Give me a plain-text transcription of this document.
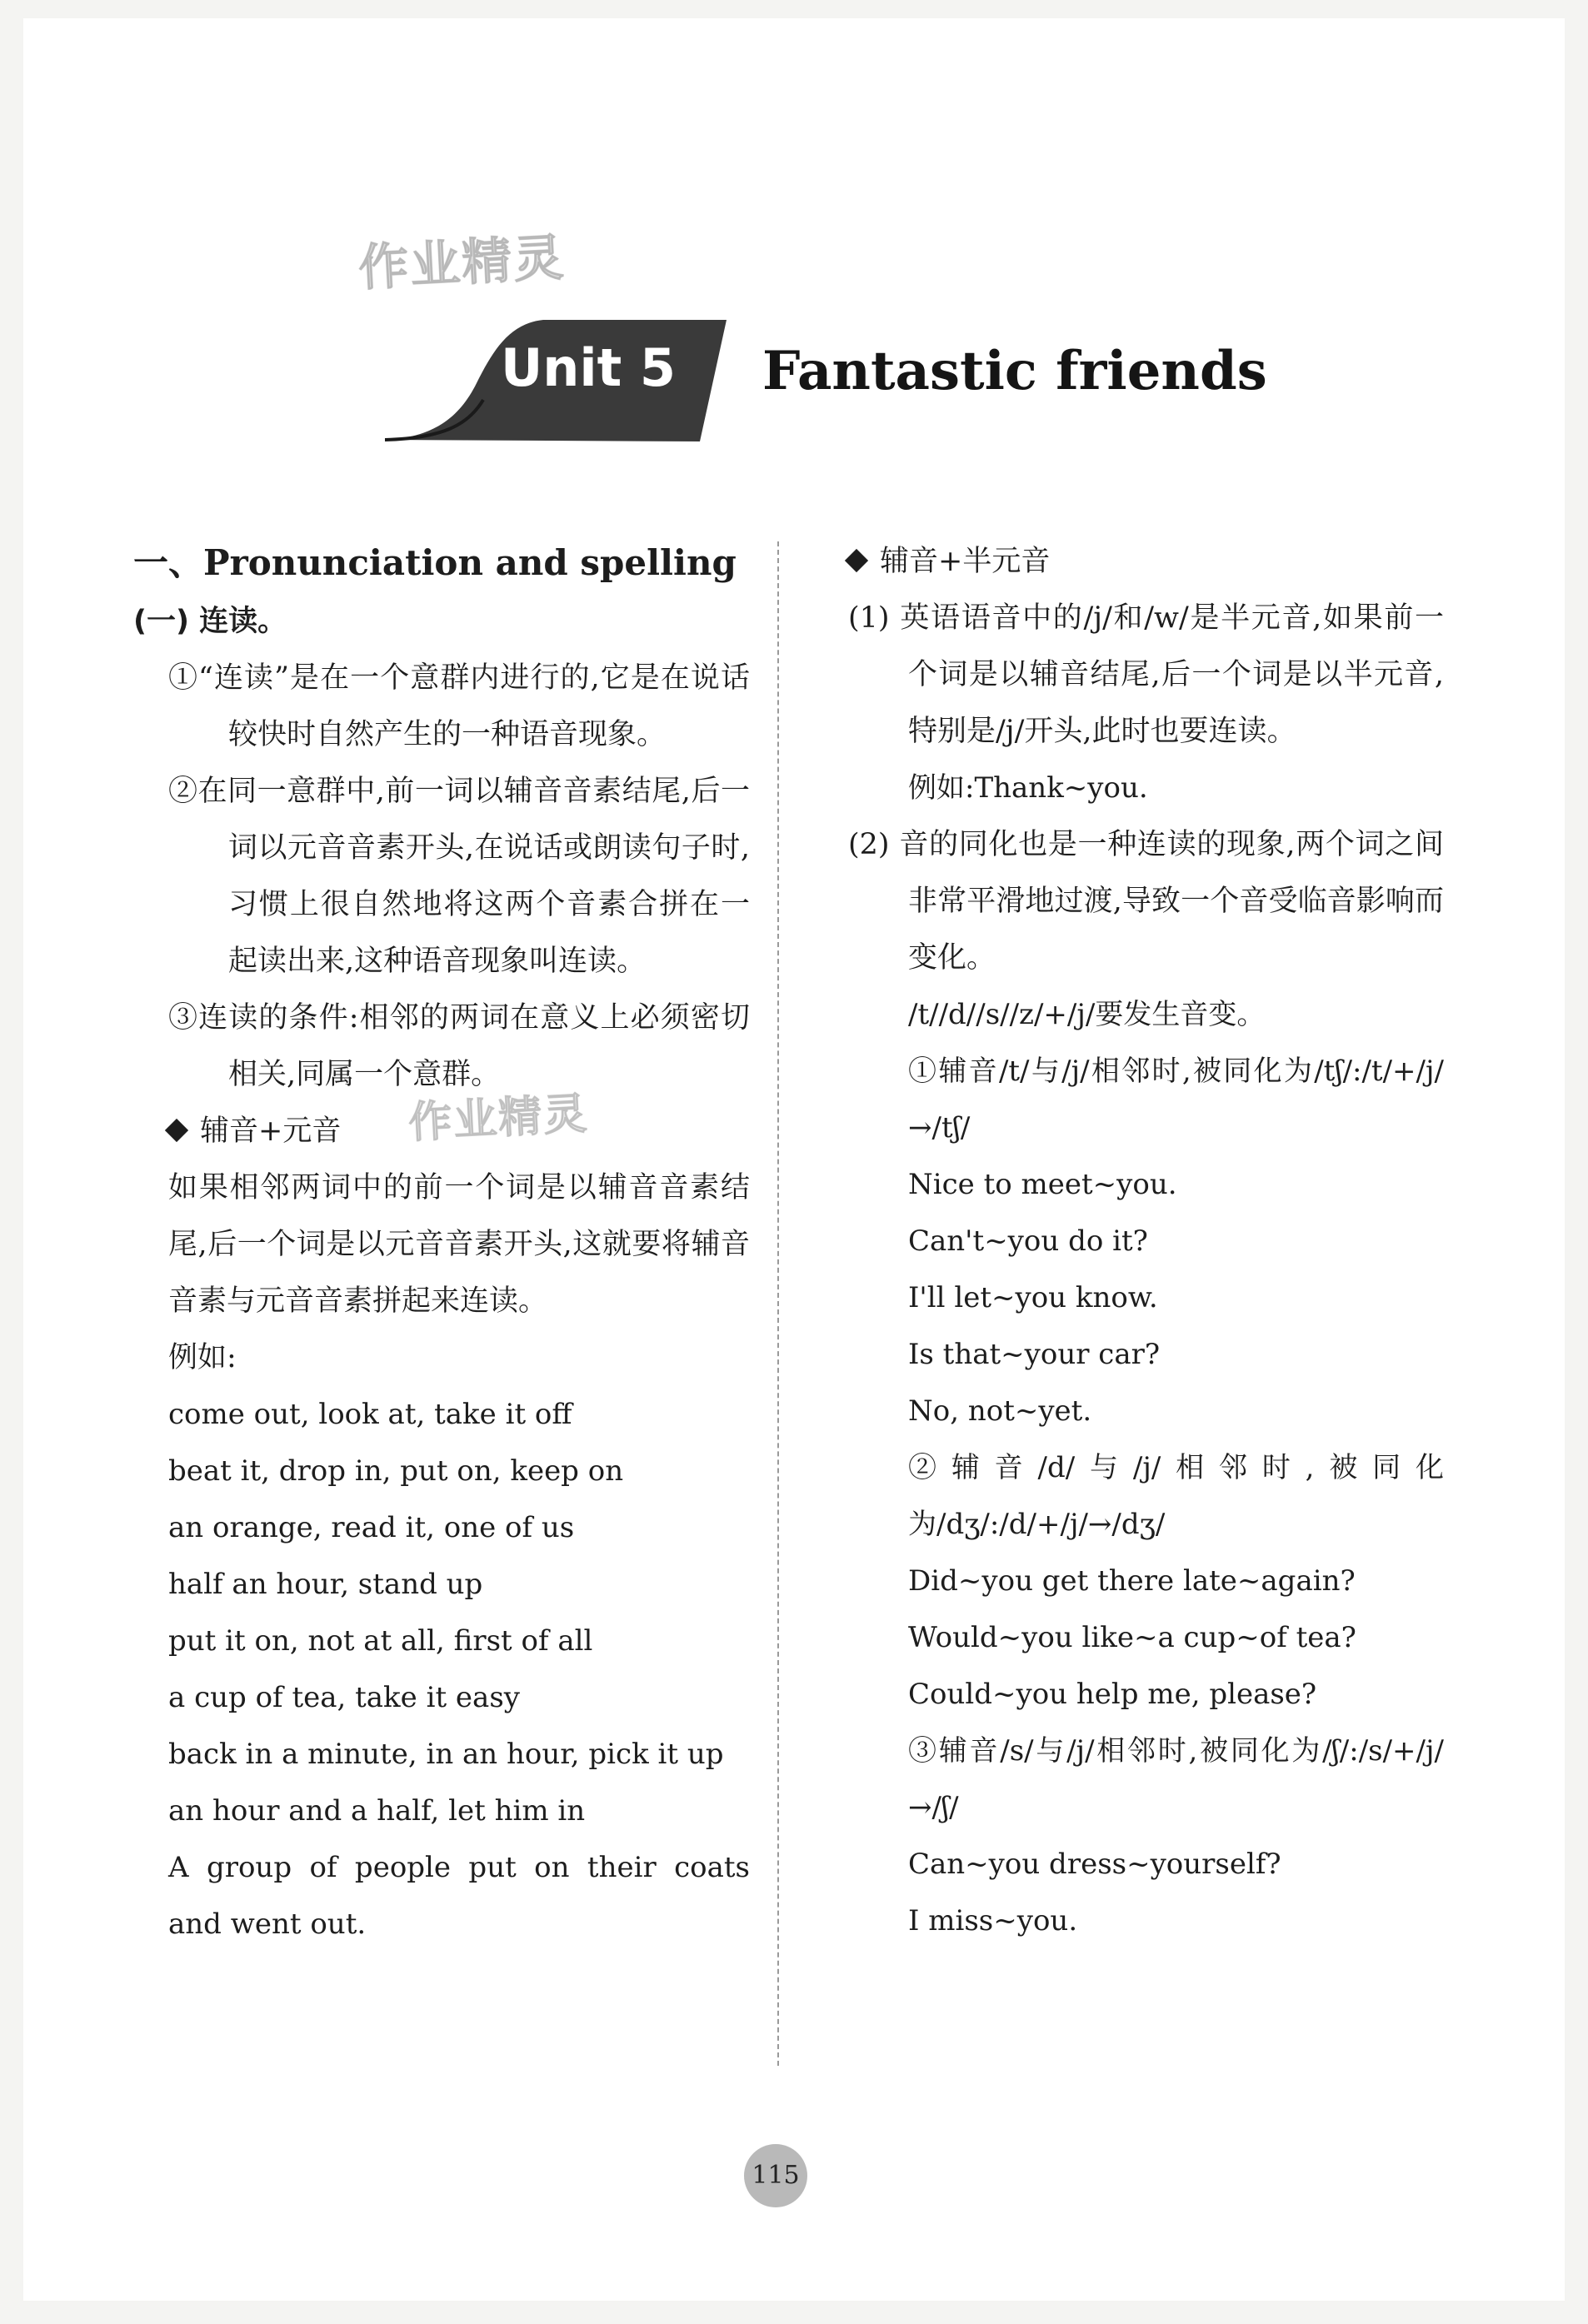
作业精灵
作业精灵
Unit 5 Fantastic friends
一、Pronunciation and spelling
(一) 连读。
①“连读”是在一个意群内进行的,它是在说话较快时自然产生的一种语音现象。
②在同一意群中,前一词以辅音音素结尾,后一词以元音音素开头,在说话或朗读句子时,习惯上很自然地将这两个音素合拼在一起读出来,这种语音现象叫连读。
③连读的条件:相邻的两词在意义上必须密切相关,同属一个意群。
辅音+元音
如果相邻两词中的前一个词是以辅音音素结尾,后一个词是以元音音素开头,这就要将辅音音素与元音音素拼起来连读。
例如:
come out, look at, take it off
beat it, drop in, put on, keep on
an orange, read it, one of us
half an hour, stand up
put it on, not at all, first of all
a cup of tea, take it easy
back in a minute, in an hour, pick it up
an hour and a half, let him in
A group of people put on their coats and went out.
辅音+半元音
(1) 英语语音中的/j/和/w/是半元音,如果前一个词是以辅音结尾,后一个词是以半元音,特别是/j/开头,此时也要连读。
例如:Thank~you.
(2) 音的同化也是一种连读的现象,两个词之间非常平滑地过渡,导致一个音受临音影响而变化。
/t//d//s//z/+/j/要发生音变。
①辅音/t/与/j/相邻时,被同化为/tʃ/:/t/+/j/→/tʃ/
Nice to meet~you.
Can't~you do it?
I'll let~you know.
Is that~your car?
No, not~yet.
②辅音/d/与/j/相邻时,被同化为/dʒ/:/d/+/j/→/dʒ/
Did~you get there late~again?
Would~you like~a cup~of tea?
Could~you help me, please?
③辅音/s/与/j/相邻时,被同化为/ʃ/:/s/+/j/→/ʃ/
Can~you dress~yourself?
I miss~you.
115
